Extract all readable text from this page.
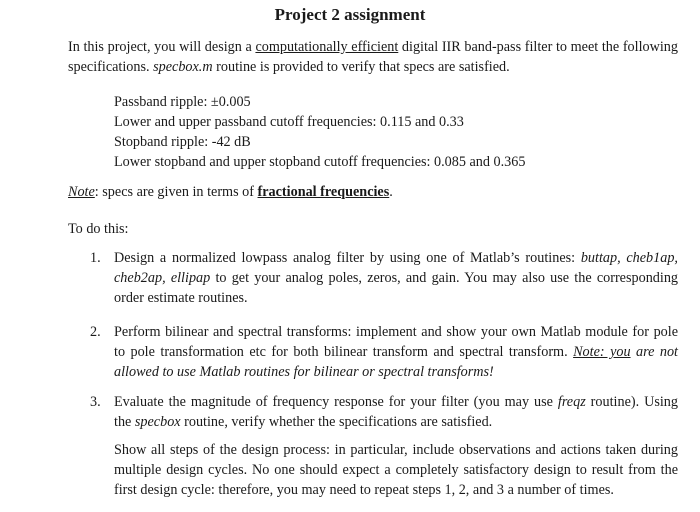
Project 2 assignment
In this project, you will design a computationally efficient digital IIR band-pass filter to meet the following specifications. specbox.m routine is provided to verify that specs are satisfied.
Passband ripple: ±0.005
Lower and upper passband cutoff frequencies: 0.115 and 0.33
Stopband ripple: -42 dB
Lower stopband and upper stopband cutoff frequencies: 0.085 and 0.365
Note: specs are given in terms of fractional frequencies.
To do this:
1. Design a normalized lowpass analog filter by using one of Matlab’s routines: buttap, cheb1ap, cheb2ap, ellipap to get your analog poles, zeros, and gain. You may also use the corresponding order estimate routines.
2. Perform bilinear and spectral transforms: implement and show your own Matlab module for pole to pole transformation etc for both bilinear transform and spectral transform. Note: you are not allowed to use Matlab routines for bilinear or spectral transforms!
3. Evaluate the magnitude of frequency response for your filter (you may use freqz routine). Using the specbox routine, verify whether the specifications are satisfied.
Show all steps of the design process: in particular, include observations and actions taken during multiple design cycles. No one should expect a completely satisfactory design to result from the first design cycle: therefore, you may need to repeat steps 1, 2, and 3 a number of times.
